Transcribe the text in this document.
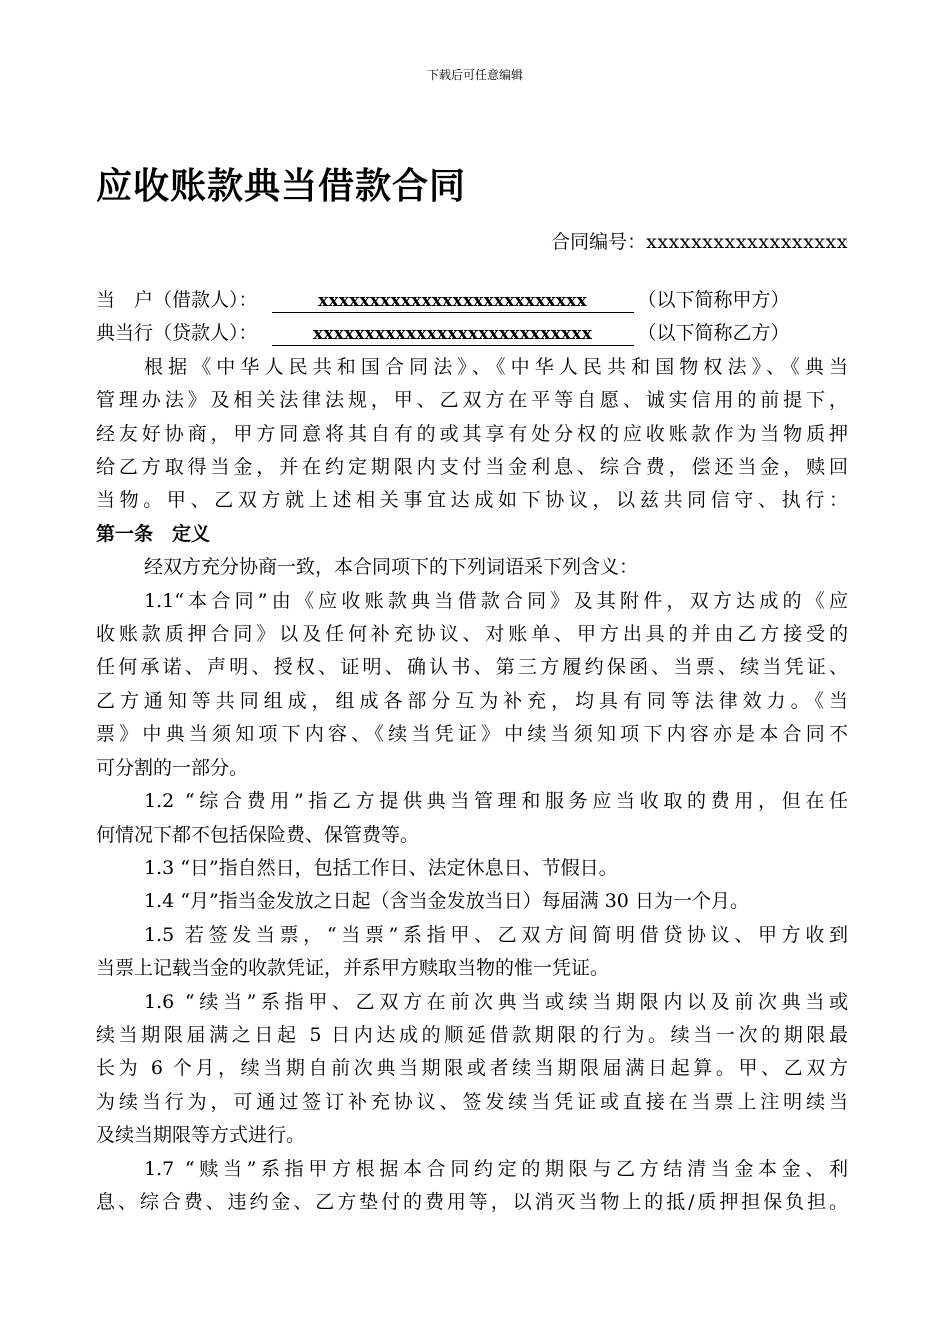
下载后可任意编辑
应收账款典当借款合同
合同编号：xxxxxxxxxxxxxxxxxx
当　户（借款人）：	xxxxxxxxxxxxxxxxxxxxxxxxxx	（以下简称甲方）
典当行（贷款人）：	xxxxxxxxxxxxxxxxxxxxxxxxxxx （以下简称乙方）
根据《中华人民共和国合同法》、《中华人民共和国物权法》、《典当
管理办法》及相关法律法规，甲、乙双方在平等自愿、诚实信用的前提下，
经友好协商，甲方同意将其自有的或其享有处分权的应收账款作为当物质押
给乙方取得当金，并在约定期限内支付当金利息、综合费，偿还当金，赎回
当物。甲、乙双方就上述相关事宜达成如下协议，以兹共同信守、执行：
第一条　定义
经双方充分协商一致，本合同项下的下列词语采下列含义：
1.1“本合同”由《应收账款典当借款合同》及其附件，双方达成的《应
收账款质押合同》以及任何补充协议、对账单、甲方出具的并由乙方接受的
任何承诺、声明、授权、证明、确认书、第三方履约保函、当票、续当凭证、
乙方通知等共同组成，组成各部分互为补充，均具有同等法律效力。《当
票》中典当须知项下内容、《续当凭证》中续当须知项下内容亦是本合同不
可分割的一部分。
1.2 “综合费用”指乙方提供典当管理和服务应当收取的费用，但在任
何情况下都不包括保险费、保管费等。
1.3 “日”指自然日，包括工作日、法定休息日、节假日。
1.4 “月”指当金发放之日起（含当金发放当日）每届满 30 日为一个月。
1.5 若签发当票，“当票”系指甲、乙双方间简明借贷协议、甲方收到
当票上记载当金的收款凭证，并系甲方赎取当物的惟一凭证。
1.6 “续当”系指甲、乙双方在前次典当或续当期限内以及前次典当或
续当期限届满之日起 5 日内达成的顺延借款期限的行为。续当一次的期限最
长为 6 个月，续当期自前次典当期限或者续当期限届满日起算。甲、乙双方
为续当行为，可通过签订补充协议、签发续当凭证或直接在当票上注明续当
及续当期限等方式进行。
1.7 “赎当”系指甲方根据本合同约定的期限与乙方结清当金本金、利
息、综合费、违约金、乙方垫付的费用等，以消灭当物上的抵/质押担保负担。
